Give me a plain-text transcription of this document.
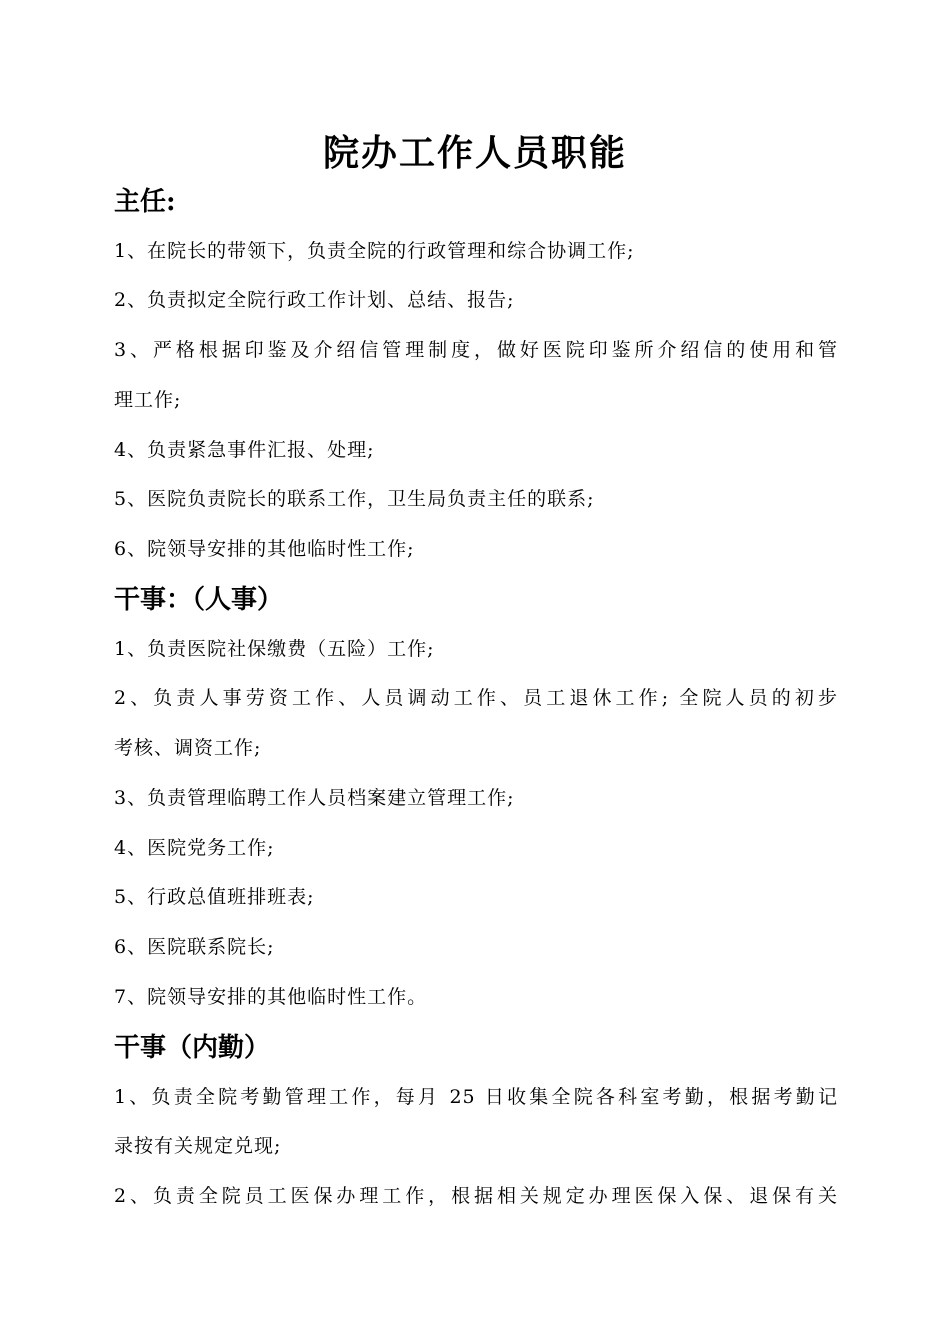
院办工作人员职能
主任:

1、在院长的带领下，负责全院的行政管理和综合协调工作;

2、负责拟定全院行政工作计划、总结、报告;

3、严格根据印鉴及介绍信管理制度，做好医院印鉴所介绍信的使用和管

理工作;

4、负责紧急事件汇报、处理;

5、医院负责院长的联系工作，卫生局负责主任的联系;

6、院领导安排的其他临时性工作;

干事：（人事）

1、负责医院社保缴费（五险）工作;

2、负责人事劳资工作、人员调动工作、员工退休工作; 全院人员的初步

考核、调资工作;

3、负责管理临聘工作人员档案建立管理工作;

4、医院党务工作;

5、行政总值班排班表;

6、医院联系院长;

7、院领导安排的其他临时性工作。

干事（内勤）

1、负责全院考勤管理工作，每月 25 日收集全院各科室考勤，根据考勤记

录按有关规定兑现;

2、负责全院员工医保办理工作，根据相关规定办理医保入保、退保有关
